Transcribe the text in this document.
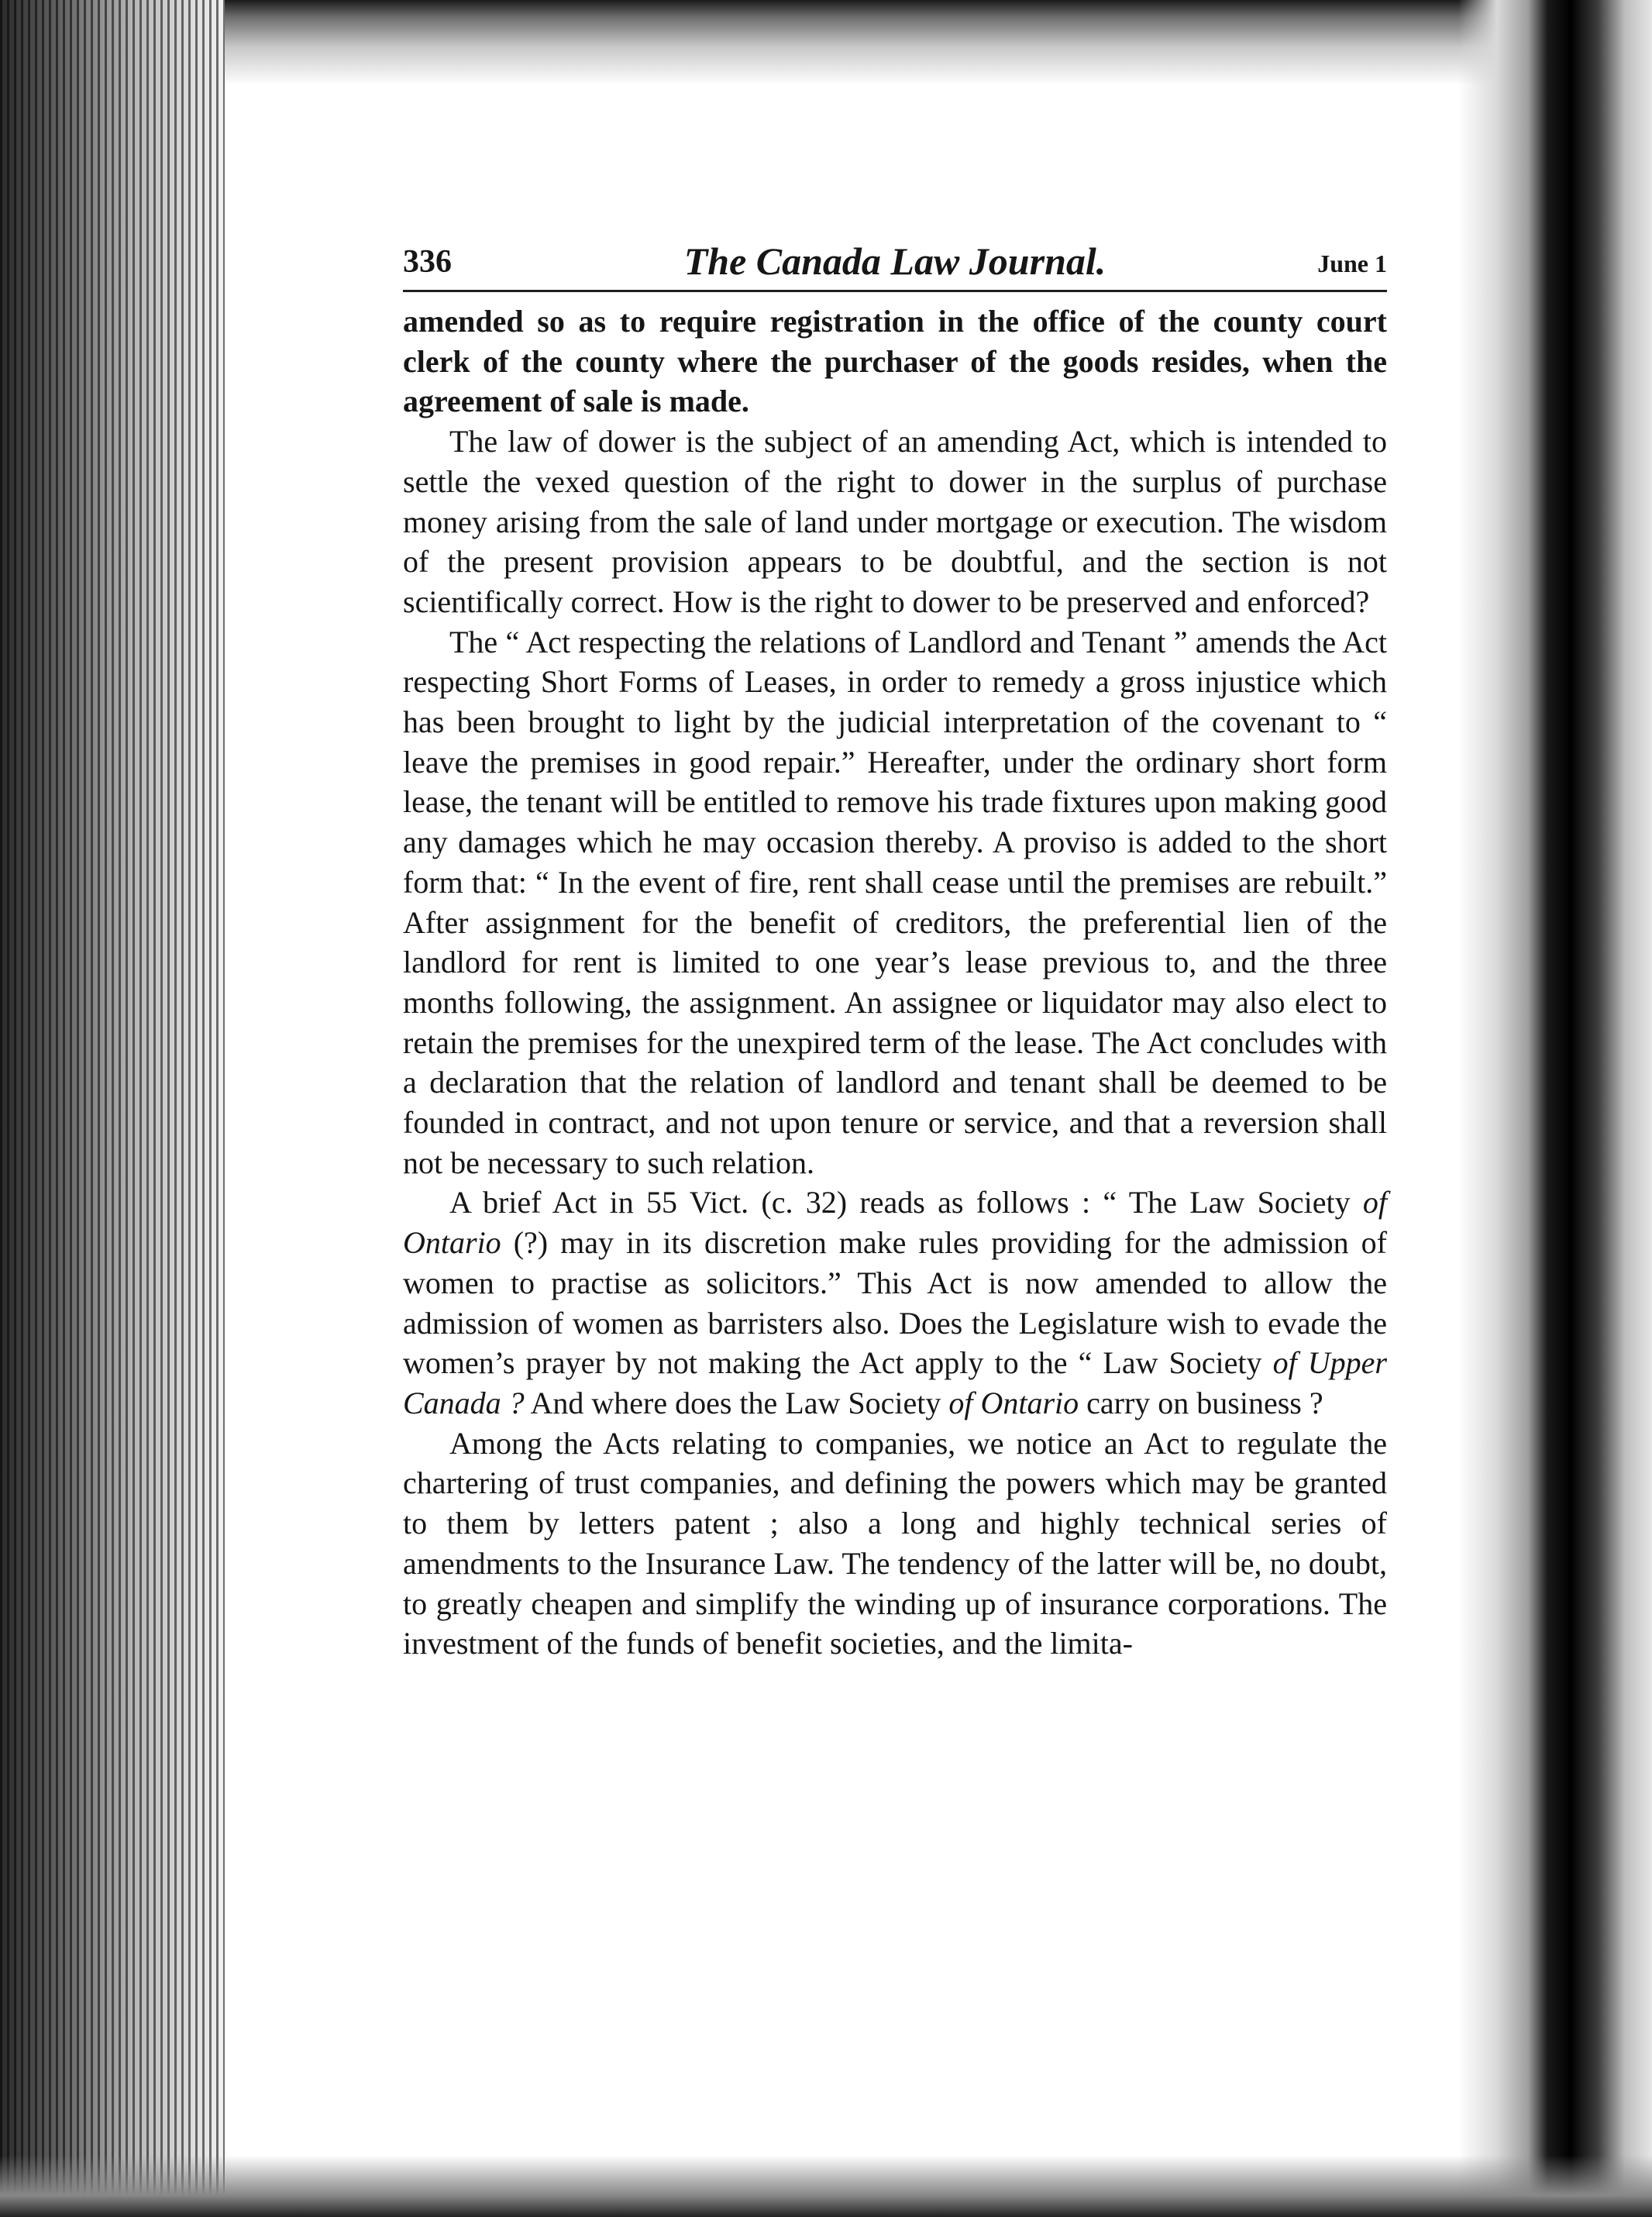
336	The Canada Law Journal.	June 1

amended so as to require registration in the office of the county court clerk of the county where the purchaser of the goods resides, when the agreement of sale is made.

The law of dower is the subject of an amending Act, which is intended to settle the vexed question of the right to dower in the surplus of purchase money arising from the sale of land under mortgage or execution. The wisdom of the present provision appears to be doubtful, and the section is not scientifically correct. How is the right to dower to be preserved and enforced?

The “ Act respecting the relations of Landlord and Tenant ” amends the Act respecting Short Forms of Leases, in order to remedy a gross injustice which has been brought to light by the judicial interpretation of the covenant to “ leave the premises in good repair.” Hereafter, under the ordinary short form lease, the tenant will be entitled to remove his trade fixtures upon making good any damages which he may occasion thereby. A proviso is added to the short form that: “ In the event of fire, rent shall cease until the premises are rebuilt.” After assignment for the benefit of creditors, the preferential lien of the landlord for rent is limited to one year’s lease previous to, and the three months following, the assignment. An assignee or liquidator may also elect to retain the premises for the unexpired term of the lease. The Act concludes with a declaration that the relation of landlord and tenant shall be deemed to be founded in contract, and not upon tenure or service, and that a reversion shall not be necessary to such relation.

A brief Act in 55 Vict. (c. 32) reads as follows : “ The Law Society of Ontario (?) may in its discretion make rules providing for the admission of women to practise as solicitors.” This Act is now amended to allow the admission of women as barristers also. Does the Legislature wish to evade the women’s prayer by not making the Act apply to the “ Law Society of Upper Canada ? And where does the Law Society of Ontario carry on business ?

Among the Acts relating to companies, we notice an Act to regulate the chartering of trust companies, and defining the powers which may be granted to them by letters patent ; also a long and highly technical series of amendments to the Insurance Law. The tendency of the latter will be, no doubt, to greatly cheapen and simplify the winding up of insurance corporations. The investment of the funds of benefit societies, and the limita-
